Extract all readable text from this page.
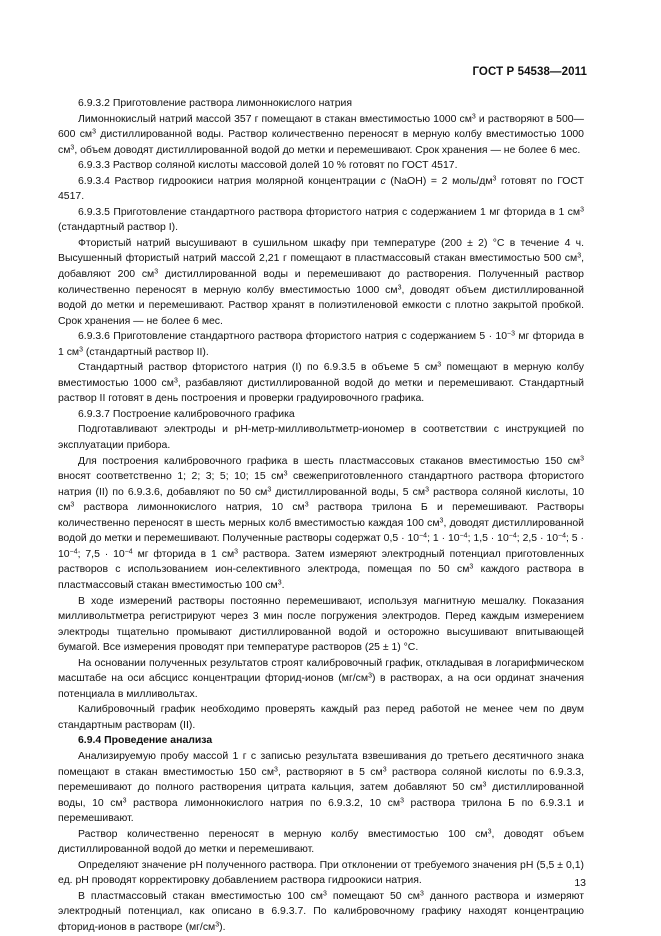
ГОСТ Р 54538—2011

6.9.3.2 Приготовление раствора лимоннокислого натрия

Лимоннокислый натрий массой 357 г помещают в стакан вместимостью 1000 $см^3$ и растворяют в 500—600 $см^3$ дистиллированной воды. Раствор количественно переносят в мерную колбу вместимостью 1000 $см^3$, объем доводят дистиллированной водой до метки и перемешивают. Срок хранения — не более 6 мес.

6.9.3.3 Раствор соляной кислоты массовой долей 10 % готовят по ГОСТ 4517.

6.9.3.4 Раствор гидроокиси натрия молярной концентрации c (NaOH) = 2 моль/$дм^3$ готовят по ГОСТ 4517.

6.9.3.5 Приготовление стандартного раствора фтористого натрия с содержанием 1 мг фторида в 1 $см^3$ (стандартный раствор I).

Фтористый натрий высушивают в сушильном шкафу при температуре (200 ± 2) °С в течение 4 ч. Высушенный фтористый натрий массой 2,21 г помещают в пластмассовый стакан вместимостью 500 $см^3$, добавляют 200 $см^3$ дистиллированной воды и перемешивают до растворения. Полученный раствор количественно переносят в мерную колбу вместимостью 1000 $см^3$, доводят объем дистиллированной водой до метки и перемешивают. Раствор хранят в полиэтиленовой емкости с плотно закрытой пробкой. Срок хранения — не более 6 мес.

6.9.3.6 Приготовление стандартного раствора фтористого натрия с содержанием $5 \cdot 10^{-3}$ мг фторида в 1 $см^3$ (стандартный раствор II).

Стандартный раствор фтористого натрия (I) по 6.9.3.5 в объеме 5 $см^3$ помещают в мерную колбу вместимостью 1000 $см^3$, разбавляют дистиллированной водой до метки и перемешивают. Стандартный раствор II готовят в день построения и проверки градуировочного графика.

6.9.3.7 Построение калибровочного графика

Подготавливают электроды и рН-метр-милливольтметр-иономер в соответствии с инструкцией по эксплуатации прибора.

Для построения калибровочного графика в шесть пластмассовых стаканов вместимостью 150 $см^3$ вносят соответственно 1; 2; 3; 5; 10; 15 $см^3$ свежеприготовленного стандартного раствора фтористого натрия (II) по 6.9.3.6, добавляют по 50 $см^3$ дистиллированной воды, 5 $см^3$ раствора соляной кислоты, 10 $см^3$ раствора лимоннокислого натрия, 10 $см^3$ раствора трилона Б и перемешивают. Растворы количественно переносят в шесть мерных колб вместимостью каждая 100 $см^3$, доводят дистиллированной водой до метки и перемешивают. Полученные растворы содержат $0,5 \cdot 10^{-4}$; $1 \cdot 10^{-4}$; $1,5 \cdot 10^{-4}$; $2,5 \cdot 10^{-4}$; $5 \cdot 10^{-4}$; $7,5 \cdot 10^{-4}$ мг фторида в 1 $см^3$ раствора. Затем измеряют электродный потенциал приготовленных растворов с использованием ион-селективного электрода, помещая по 50 $см^3$ каждого раствора в пластмассовый стакан вместимостью 100 $см^3$.

В ходе измерений растворы постоянно перемешивают, используя магнитную мешалку. Показания милливольтметра регистрируют через 3 мин после погружения электродов. Перед каждым измерением электроды тщательно промывают дистиллированной водой и осторожно высушивают впитывающей бумагой. Все измерения проводят при температуре растворов (25 ± 1) °С.

На основании полученных результатов строят калибровочный график, откладывая в логарифмическом масштабе на оси абсцисс концентрации фторид-ионов $(мг/см^3)$ в растворах, а на оси ординат значения потенциала в милливольтах.

Калибровочный график необходимо проверять каждый раз перед работой не менее чем по двум стандартным растворам (II).

6.9.4 Проведение анализа

Анализируемую пробу массой 1 г с записью результата взвешивания до третьего десятичного знака помещают в стакан вместимостью 150 $см^3$, растворяют в 5 $см^3$ раствора соляной кислоты по 6.9.3.3, перемешивают до полного растворения цитрата кальция, затем добавляют 50 $см^3$ дистиллированной воды, 10 $см^3$ раствора лимоннокислого натрия по 6.9.3.2, 10 $см^3$ раствора трилона Б по 6.9.3.1 и перемешивают.

Раствор количественно переносят в мерную колбу вместимостью 100 $см^3$, доводят объем дистиллированной водой до метки и перемешивают.

Определяют значение рН полученного раствора. При отклонении от требуемого значения рН (5,5 ± 0,1) ед. рН проводят корректировку добавлением раствора гидроокиси натрия.

В пластмассовый стакан вместимостью 100 $см^3$ помещают 50 $см^3$ данного раствора и измеряют электродный потенциал, как описано в 6.9.3.7. По калибровочному графику находят концентрацию фторид-ионов в растворе $(мг/см^3)$.

13
